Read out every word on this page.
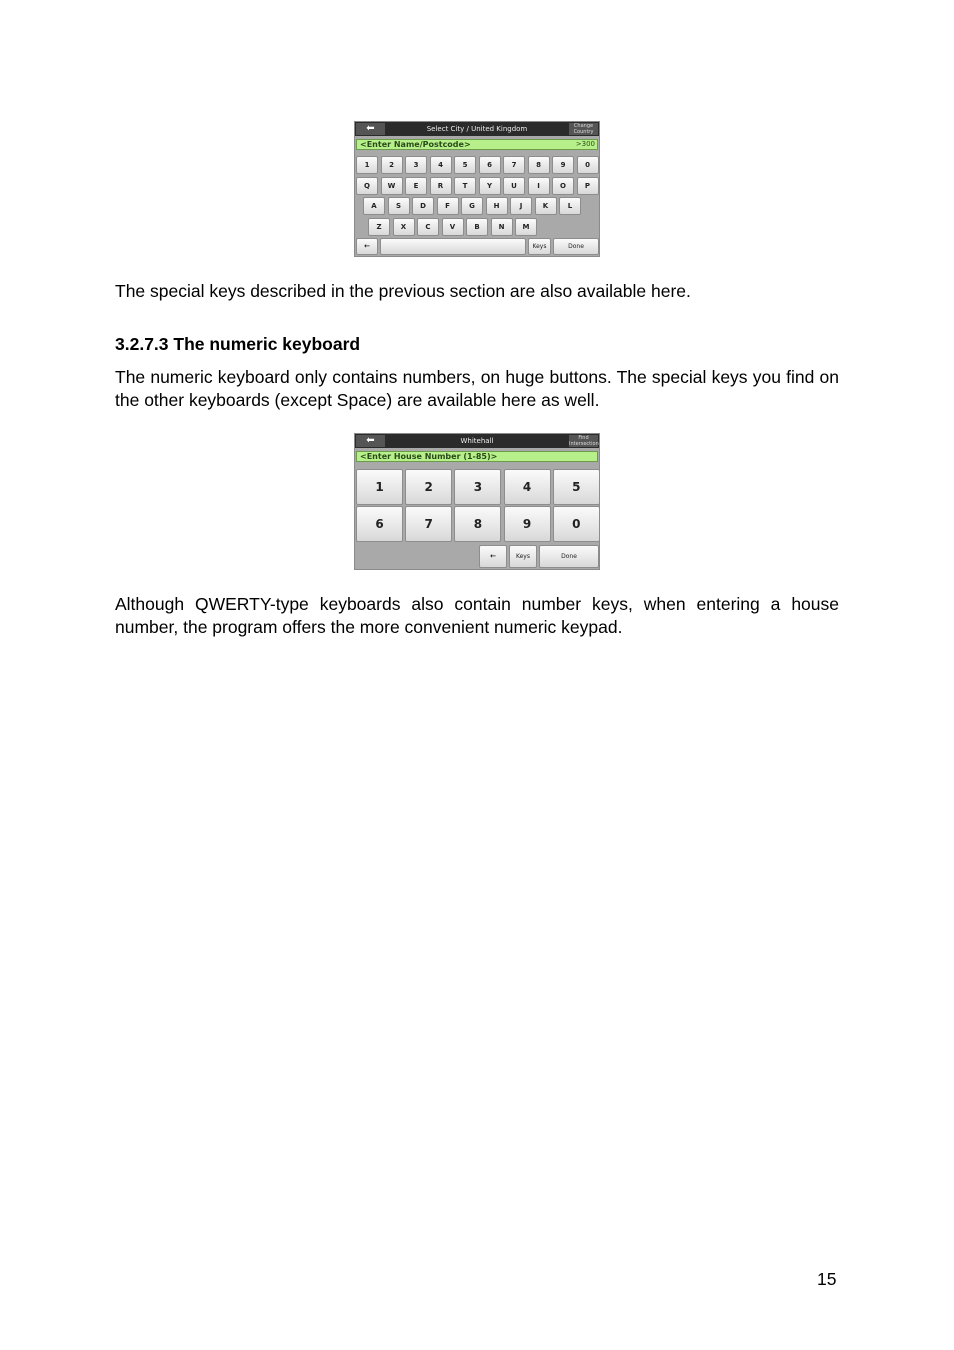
⬅	Select City / United Kingdom	Change Country
<Enter Name/Postcode>	>300
1	2	3	4	5	6	7	8	9	0
Q	W	E	R	T	Y	U	I	O	P
A	S	D	F	G	H	J	K	L
Z	X	C	V	B	N	M
←	Keys	Done
The special keys described in the previous section are also available here.
3.2.7.3 The numeric keyboard
The numeric keyboard only contains numbers, on huge buttons. The special keys you find on the other keyboards (except Space) are available here as well.
⬅	Whitehall	Find Intersection
<Enter House Number (1-85)>
1	2	3	4	5
6	7	8	9	0
←	Keys	Done
Although QWERTY-type keyboards also contain number keys, when entering a house number, the program offers the more convenient numeric keypad.
15
